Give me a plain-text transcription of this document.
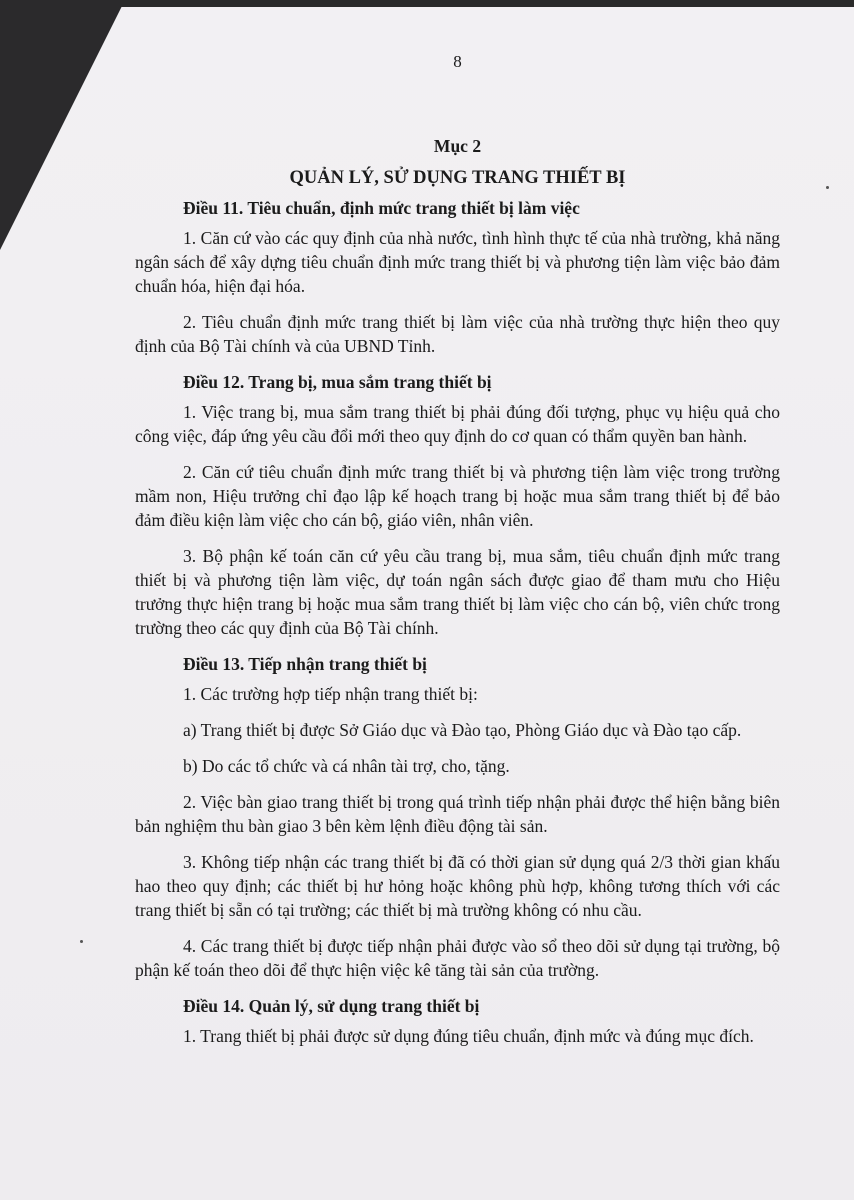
8
Mục 2
QUẢN LÝ, SỬ DỤNG TRANG THIẾT BỊ
Điều 11. Tiêu chuẩn, định mức trang thiết bị làm việc

1. Căn cứ vào các quy định của nhà nước, tình hình thực tế của nhà trường, khả năng ngân sách để xây dựng tiêu chuẩn định mức trang thiết bị và phương tiện làm việc bảo đảm chuẩn hóa, hiện đại hóa.

2. Tiêu chuẩn định mức trang thiết bị làm việc của nhà trường thực hiện theo quy định của Bộ Tài chính và của UBND Tỉnh.

Điều 12. Trang bị, mua sắm trang thiết bị

1. Việc trang bị, mua sắm trang thiết bị phải đúng đối tượng, phục vụ hiệu quả cho công việc, đáp ứng yêu cầu đổi mới theo quy định do cơ quan có thẩm quyền ban hành.

2. Căn cứ tiêu chuẩn định mức trang thiết bị và phương tiện làm việc trong trường mầm non, Hiệu trưởng chỉ đạo lập kế hoạch trang bị hoặc mua sắm trang thiết bị để bảo đảm điều kiện làm việc cho cán bộ, giáo viên, nhân viên.

3. Bộ phận kế toán căn cứ yêu cầu trang bị, mua sắm, tiêu chuẩn định mức trang thiết bị và phương tiện làm việc, dự toán ngân sách được giao để tham mưu cho Hiệu trưởng thực hiện trang bị hoặc mua sắm trang thiết bị làm việc cho cán bộ, viên chức trong trường theo các quy định của Bộ Tài chính.

Điều 13. Tiếp nhận trang thiết bị

1. Các trường hợp tiếp nhận trang thiết bị:

a) Trang thiết bị được Sở Giáo dục và Đào tạo, Phòng Giáo dục và Đào tạo cấp.

b) Do các tổ chức và cá nhân tài trợ, cho, tặng.

2. Việc bàn giao trang thiết bị trong quá trình tiếp nhận phải được thể hiện bằng biên bản nghiệm thu bàn giao 3 bên kèm lệnh điều động tài sản.

3. Không tiếp nhận các trang thiết bị đã có thời gian sử dụng quá 2/3 thời gian khấu hao theo quy định; các thiết bị hư hỏng hoặc không phù hợp, không tương thích với các trang thiết bị sẵn có tại trường; các thiết bị mà trường không có nhu cầu.

4. Các trang thiết bị được tiếp nhận phải được vào sổ theo dõi sử dụng tại trường, bộ phận kế toán theo dõi để thực hiện việc kê tăng tài sản của trường.

Điều 14. Quản lý, sử dụng trang thiết bị

1. Trang thiết bị phải được sử dụng đúng tiêu chuẩn, định mức và đúng mục đích.
